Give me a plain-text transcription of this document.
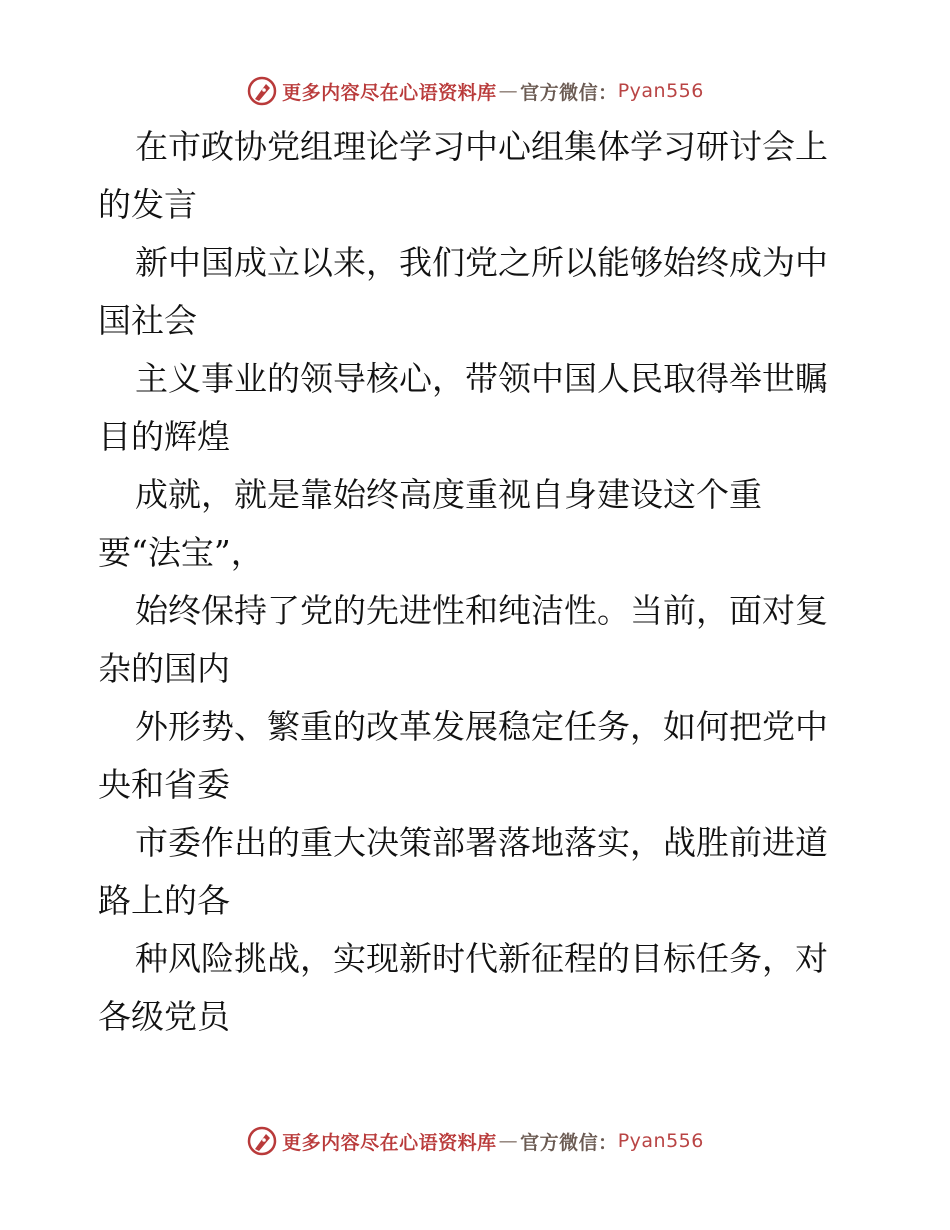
更多内容尽在心语资料库 — 官方微信： Pyan556

在市政协党组理论学习中心组集体学习研讨会上
的发言

新中国成立以来，我们党之所以能够始终成为中
国社会

主义事业的领导核心，带领中国人民取得举世瞩
目的辉煌

成就，就是靠始终高度重视自身建设这个重
要“法宝”，

始终保持了党的先进性和纯洁性。当前，面对复
杂的国内

外形势、繁重的改革发展稳定任务，如何把党中
央和省委

市委作出的重大决策部署落地落实，战胜前进道
路上的各

种风险挑战，实现新时代新征程的目标任务，对
各级党员

更多内容尽在心语资料库 — 官方微信： Pyan556
